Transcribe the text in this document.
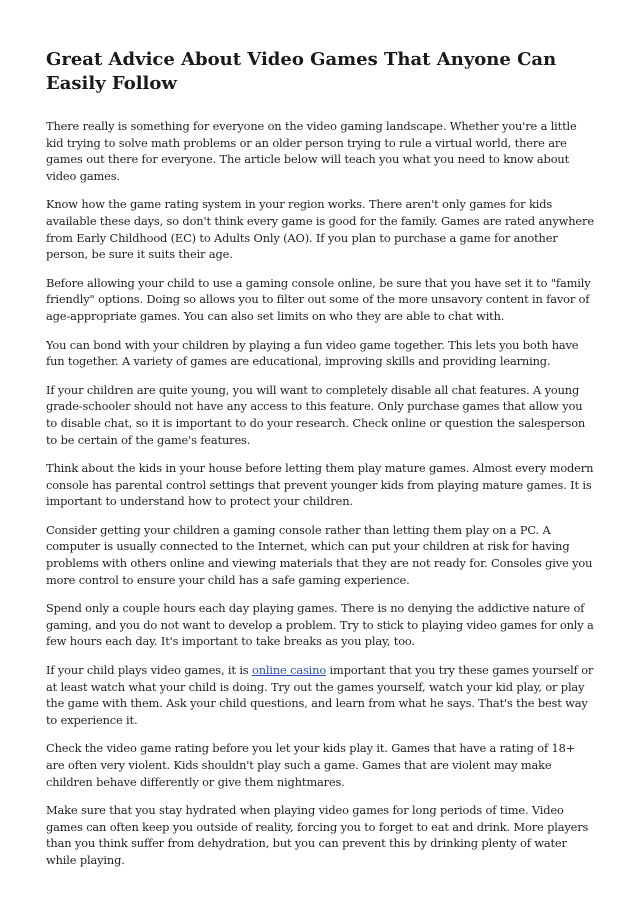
Great Advice About Video Games That Anyone Can Easily Follow

There really is something for everyone on the video gaming landscape. Whether you're a little kid trying to solve math problems or an older person trying to rule a virtual world, there are games out there for everyone. The article below will teach you what you need to know about video games.

Know how the game rating system in your region works. There aren't only games for kids available these days, so don't think every game is good for the family. Games are rated anywhere from Early Childhood (EC) to Adults Only (AO). If you plan to purchase a game for another person, be sure it suits their age.

Before allowing your child to use a gaming console online, be sure that you have set it to "family friendly" options. Doing so allows you to filter out some of the more unsavory content in favor of age-appropriate games. You can also set limits on who they are able to chat with.

You can bond with your children by playing a fun video game together. This lets you both have fun together. A variety of games are educational, improving skills and providing learning.

If your children are quite young, you will want to completely disable all chat features. A young grade-schooler should not have any access to this feature. Only purchase games that allow you to disable chat, so it is important to do your research. Check online or question the salesperson to be certain of the game's features.

Think about the kids in your house before letting them play mature games. Almost every modern console has parental control settings that prevent younger kids from playing mature games. It is important to understand how to protect your children.

Consider getting your children a gaming console rather than letting them play on a PC. A computer is usually connected to the Internet, which can put your children at risk for having problems with others online and viewing materials that they are not ready for. Consoles give you more control to ensure your child has a safe gaming experience.

Spend only a couple hours each day playing games. There is no denying the addictive nature of gaming, and you do not want to develop a problem. Try to stick to playing video games for only a few hours each day. It's important to take breaks as you play, too.

If your child plays video games, it is online casino important that you try these games yourself or at least watch what your child is doing. Try out the games yourself, watch your kid play, or play the game with them. Ask your child questions, and learn from what he says. That's the best way to experience it.

Check the video game rating before you let your kids play it. Games that have a rating of 18+ are often very violent. Kids shouldn't play such a game. Games that are violent may make children behave differently or give them nightmares.

Make sure that you stay hydrated when playing video games for long periods of time. Video games can often keep you outside of reality, forcing you to forget to eat and drink. More players than you think suffer from dehydration, but you can prevent this by drinking plenty of water while playing.
